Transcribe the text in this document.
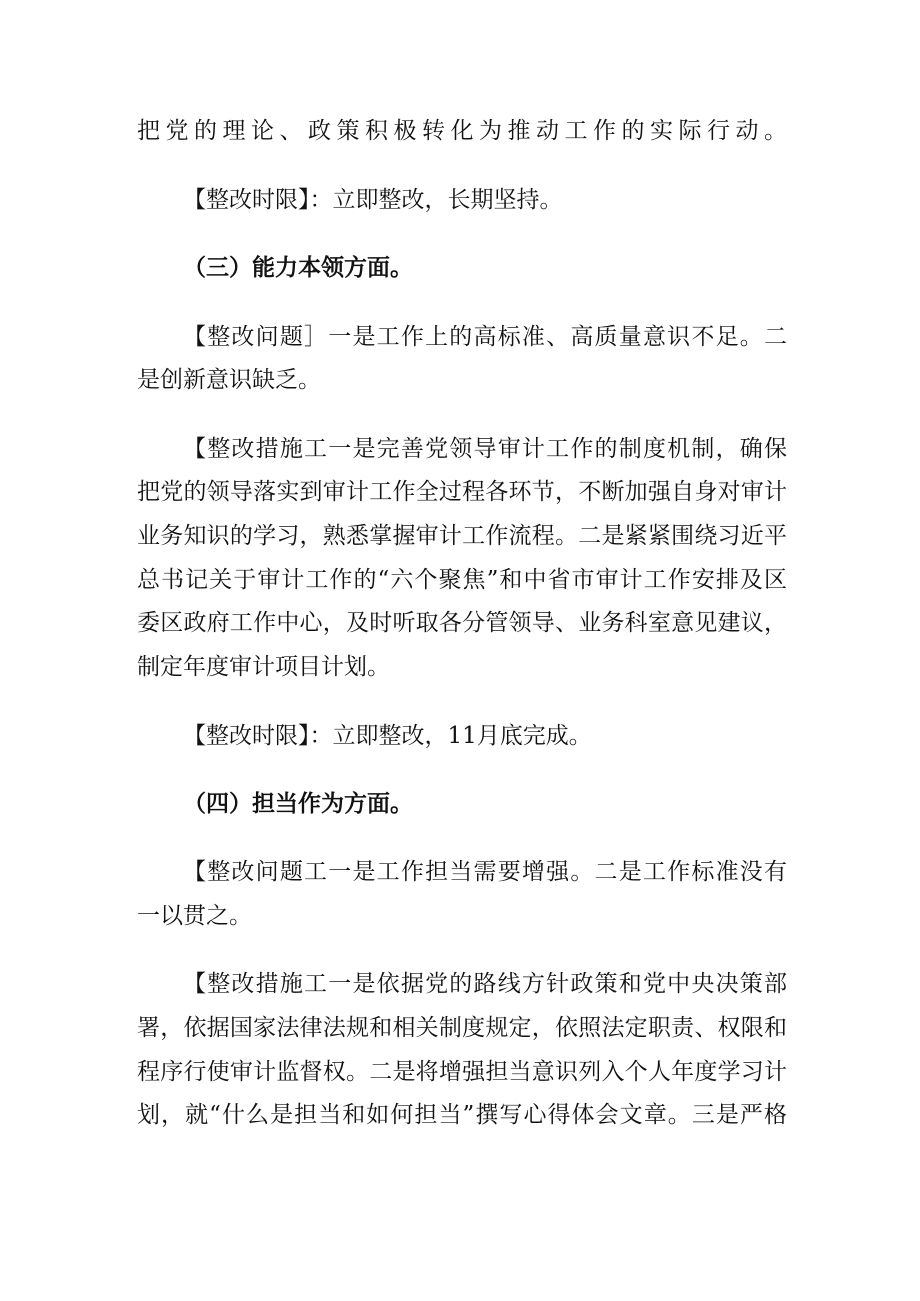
把党的理论、政策积极转化为推动工作的实际行动。
【整改时限】：立即整改，长期坚持。
（三）能力本领方面。
【整改问题］一是工作上的高标准、高质量意识不足。二
是创新意识缺乏。
【整改措施工一是完善党领导审计工作的制度机制，确保
把党的领导落实到审计工作全过程各环节，不断加强自身对审计
业务知识的学习，熟悉掌握审计工作流程。二是紧紧围绕习近平
总书记关于审计工作的“六个聚焦”和中省市审计工作安排及区
委区政府工作中心，及时听取各分管领导、业务科室意见建议，
制定年度审计项目计划。
【整改时限】：立即整改，11月底完成。
（四）担当作为方面。
【整改问题工一是工作担当需要增强。二是工作标准没有
一以贯之。
【整改措施工一是依据党的路线方针政策和党中央决策部
署，依据国家法律法规和相关制度规定，依照法定职责、权限和
程序行使审计监督权。二是将增强担当意识列入个人年度学习计
划，就“什么是担当和如何担当”撰写心得体会文章。三是严格
